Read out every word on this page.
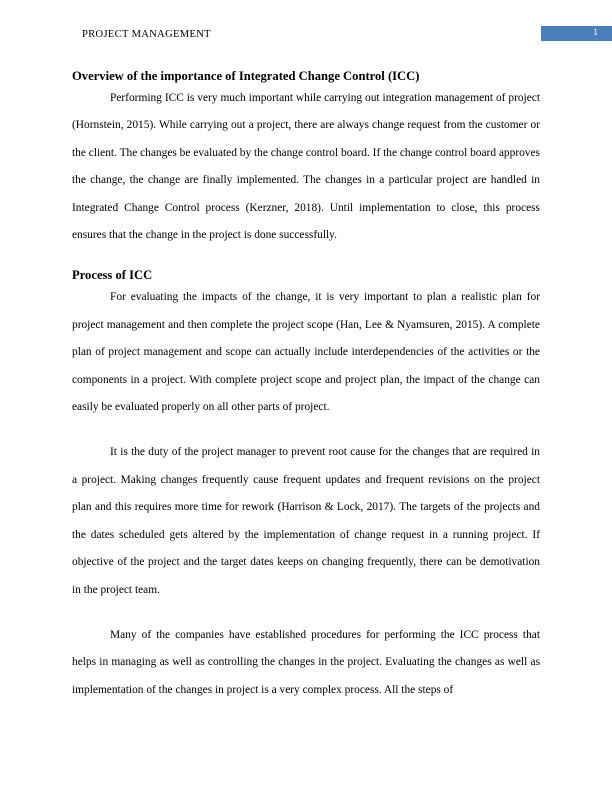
PROJECT MANAGEMENT	1
Overview of the importance of Integrated Change Control (ICC)

Performing ICC is very much important while carrying out integration management of project (Hornstein, 2015). While carrying out a project, there are always change request from the customer or the client. The changes be evaluated by the change control board. If the change control board approves the change, the change are finally implemented. The changes in a particular project are handled in Integrated Change Control process (Kerzner, 2018). Until implementation to close, this process ensures that the change in the project is done successfully.

Process of ICC

For evaluating the impacts of the change, it is very important to plan a realistic plan for project management and then complete the project scope (Han, Lee & Nyamsuren, 2015). A complete plan of project management and scope can actually include interdependencies of the activities or the components in a project. With complete project scope and project plan, the impact of the change can easily be evaluated properly on all other parts of project.

It is the duty of the project manager to prevent root cause for the changes that are required in a project. Making changes frequently cause frequent updates and frequent revisions on the project plan and this requires more time for rework (Harrison & Lock, 2017). The targets of the projects and the dates scheduled gets altered by the implementation of change request in a running project. If objective of the project and the target dates keeps on changing frequently, there can be demotivation in the project team.

Many of the companies have established procedures for performing the ICC process that helps in managing as well as controlling the changes in the project. Evaluating the changes as well as implementation of the changes in project is a very complex process. All the steps of
